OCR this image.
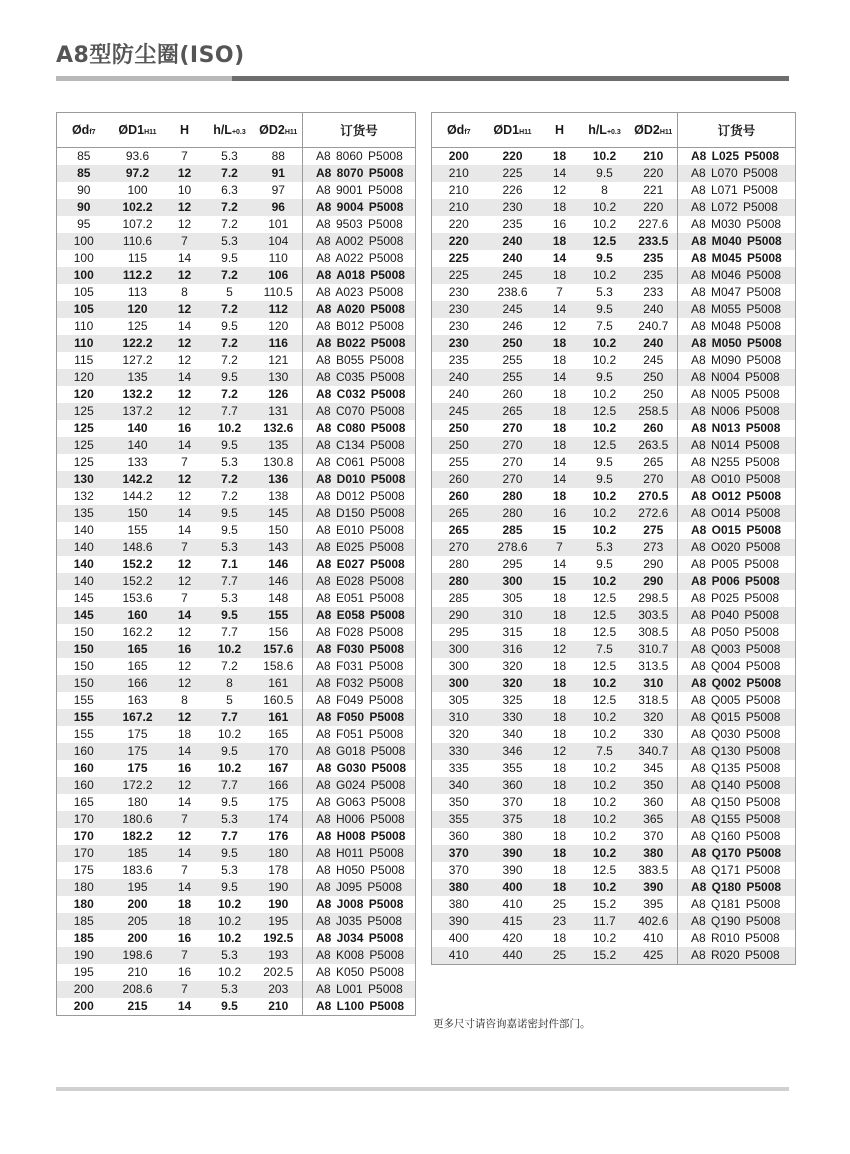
A8型防尘圈(ISO)
Ødf7	ØD1H11	H	h/L+0.3	ØD2H11	订货号
85	93.6	7	5.3	88	A8 8060 P5008
85	97.2	12	7.2	91	A8 8070 P5008
90	100	10	6.3	97	A8 9001 P5008
90	102.2	12	7.2	96	A8 9004 P5008
95	107.2	12	7.2	101	A8 9503 P5008
100	110.6	7	5.3	104	A8 A002 P5008
100	115	14	9.5	110	A8 A022 P5008
100	112.2	12	7.2	106	A8 A018 P5008
105	113	8	5	110.5	A8 A023 P5008
105	120	12	7.2	112	A8 A020 P5008
110	125	14	9.5	120	A8 B012 P5008
110	122.2	12	7.2	116	A8 B022 P5008
115	127.2	12	7.2	121	A8 B055 P5008
120	135	14	9.5	130	A8 C035 P5008
120	132.2	12	7.2	126	A8 C032 P5008
125	137.2	12	7.7	131	A8 C070 P5008
125	140	16	10.2	132.6	A8 C080 P5008
125	140	14	9.5	135	A8 C134 P5008
125	133	7	5.3	130.8	A8 C061 P5008
130	142.2	12	7.2	136	A8 D010 P5008
132	144.2	12	7.2	138	A8 D012 P5008
135	150	14	9.5	145	A8 D150 P5008
140	155	14	9.5	150	A8 E010 P5008
140	148.6	7	5.3	143	A8 E025 P5008
140	152.2	12	7.1	146	A8 E027 P5008
140	152.2	12	7.7	146	A8 E028 P5008
145	153.6	7	5.3	148	A8 E051 P5008
145	160	14	9.5	155	A8 E058 P5008
150	162.2	12	7.7	156	A8 F028 P5008
150	165	16	10.2	157.6	A8 F030 P5008
150	165	12	7.2	158.6	A8 F031 P5008
150	166	12	8	161	A8 F032 P5008
155	163	8	5	160.5	A8 F049 P5008
155	167.2	12	7.7	161	A8 F050 P5008
155	175	18	10.2	165	A8 F051 P5008
160	175	14	9.5	170	A8 G018 P5008
160	175	16	10.2	167	A8 G030 P5008
160	172.2	12	7.7	166	A8 G024 P5008
165	180	14	9.5	175	A8 G063 P5008
170	180.6	7	5.3	174	A8 H006 P5008
170	182.2	12	7.7	176	A8 H008 P5008
170	185	14	9.5	180	A8 H011 P5008
175	183.6	7	5.3	178	A8 H050 P5008
180	195	14	9.5	190	A8 J095 P5008
180	200	18	10.2	190	A8 J008 P5008
185	205	18	10.2	195	A8 J035 P5008
185	200	16	10.2	192.5	A8 J034 P5008
190	198.6	7	5.3	193	A8 K008 P5008
195	210	16	10.2	202.5	A8 K050 P5008
200	208.6	7	5.3	203	A8 L001 P5008
200	215	14	9.5	210	A8 L100 P5008
Ødf7	ØD1H11	H	h/L+0.3	ØD2H11	订货号
200	220	18	10.2	210	A8 L025 P5008
210	225	14	9.5	220	A8 L070 P5008
210	226	12	8	221	A8 L071 P5008
210	230	18	10.2	220	A8 L072 P5008
220	235	16	10.2	227.6	A8 M030 P5008
220	240	18	12.5	233.5	A8 M040 P5008
225	240	14	9.5	235	A8 M045 P5008
225	245	18	10.2	235	A8 M046 P5008
230	238.6	7	5.3	233	A8 M047 P5008
230	245	14	9.5	240	A8 M055 P5008
230	246	12	7.5	240.7	A8 M048 P5008
230	250	18	10.2	240	A8 M050 P5008
235	255	18	10.2	245	A8 M090 P5008
240	255	14	9.5	250	A8 N004 P5008
240	260	18	10.2	250	A8 N005 P5008
245	265	18	12.5	258.5	A8 N006 P5008
250	270	18	10.2	260	A8 N013 P5008
250	270	18	12.5	263.5	A8 N014 P5008
255	270	14	9.5	265	A8 N255 P5008
260	270	14	9.5	270	A8 O010 P5008
260	280	18	10.2	270.5	A8 O012 P5008
265	280	16	10.2	272.6	A8 O014 P5008
265	285	15	10.2	275	A8 O015 P5008
270	278.6	7	5.3	273	A8 O020 P5008
280	295	14	9.5	290	A8 P005 P5008
280	300	15	10.2	290	A8 P006 P5008
285	305	18	12.5	298.5	A8 P025 P5008
290	310	18	12.5	303.5	A8 P040 P5008
295	315	18	12.5	308.5	A8 P050 P5008
300	316	12	7.5	310.7	A8 Q003 P5008
300	320	18	12.5	313.5	A8 Q004 P5008
300	320	18	10.2	310	A8 Q002 P5008
305	325	18	12.5	318.5	A8 Q005 P5008
310	330	18	10.2	320	A8 Q015 P5008
320	340	18	10.2	330	A8 Q030 P5008
330	346	12	7.5	340.7	A8 Q130 P5008
335	355	18	10.2	345	A8 Q135 P5008
340	360	18	10.2	350	A8 Q140 P5008
350	370	18	10.2	360	A8 Q150 P5008
355	375	18	10.2	365	A8 Q155 P5008
360	380	18	10.2	370	A8 Q160 P5008
370	390	18	10.2	380	A8 Q170 P5008
370	390	18	12.5	383.5	A8 Q171 P5008
380	400	18	10.2	390	A8 Q180 P5008
380	410	25	15.2	395	A8 Q181 P5008
390	415	23	11.7	402.6	A8 Q190 P5008
400	420	18	10.2	410	A8 R010 P5008
410	440	25	15.2	425	A8 R020 P5008
更多尺寸请咨询嘉诺密封件部门。
